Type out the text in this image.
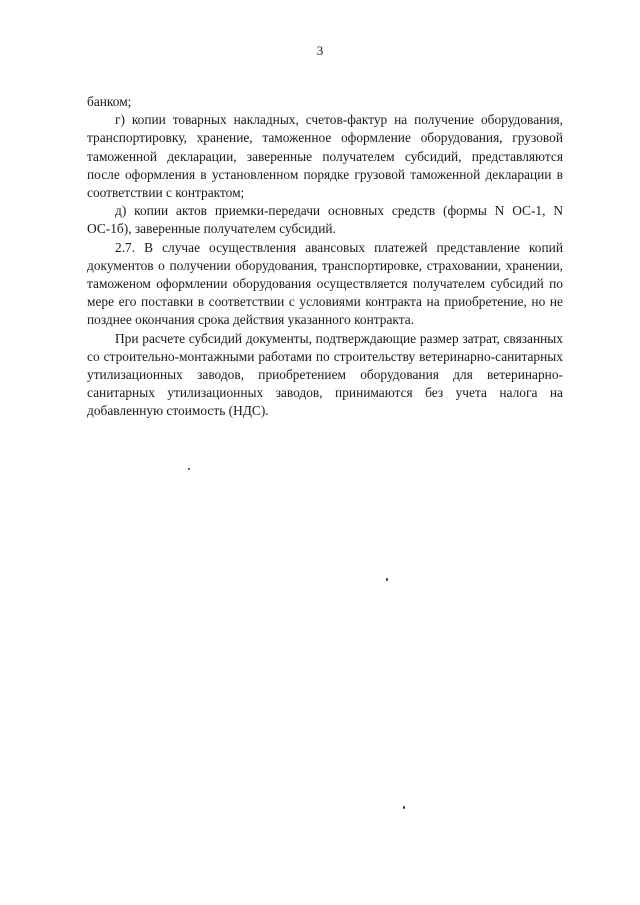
3

банком;

г) копии товарных накладных, счетов-фактур на получение оборудования, транспортировку, хранение, таможенное оформление оборудования, грузовой таможенной декларации, заверенные получателем субсидий, представляются после оформления в установленном порядке грузовой таможенной декларации в соответствии с контрактом;

д) копии актов приемки-передачи основных средств (формы N ОС-1, N ОС-1б), заверенные получателем субсидий.

2.7. В случае осуществления авансовых платежей представление копий документов о получении оборудования, транспортировке, страховании, хранении, таможеном оформлении оборудования осуществляется получателем субсидий по мере его поставки в соответствии с условиями контракта на приобретение, но не позднее окончания срока действия указанного контракта.

При расчете субсидий документы, подтверждающие размер затрат, связанных со строительно-монтажными работами по строительству ветеринарно-санитарных утилизационных заводов, приобретением оборудования для ветеринарно-санитарных утилизационных заводов, принимаются без учета налога на добавленную стоимость (НДС).
